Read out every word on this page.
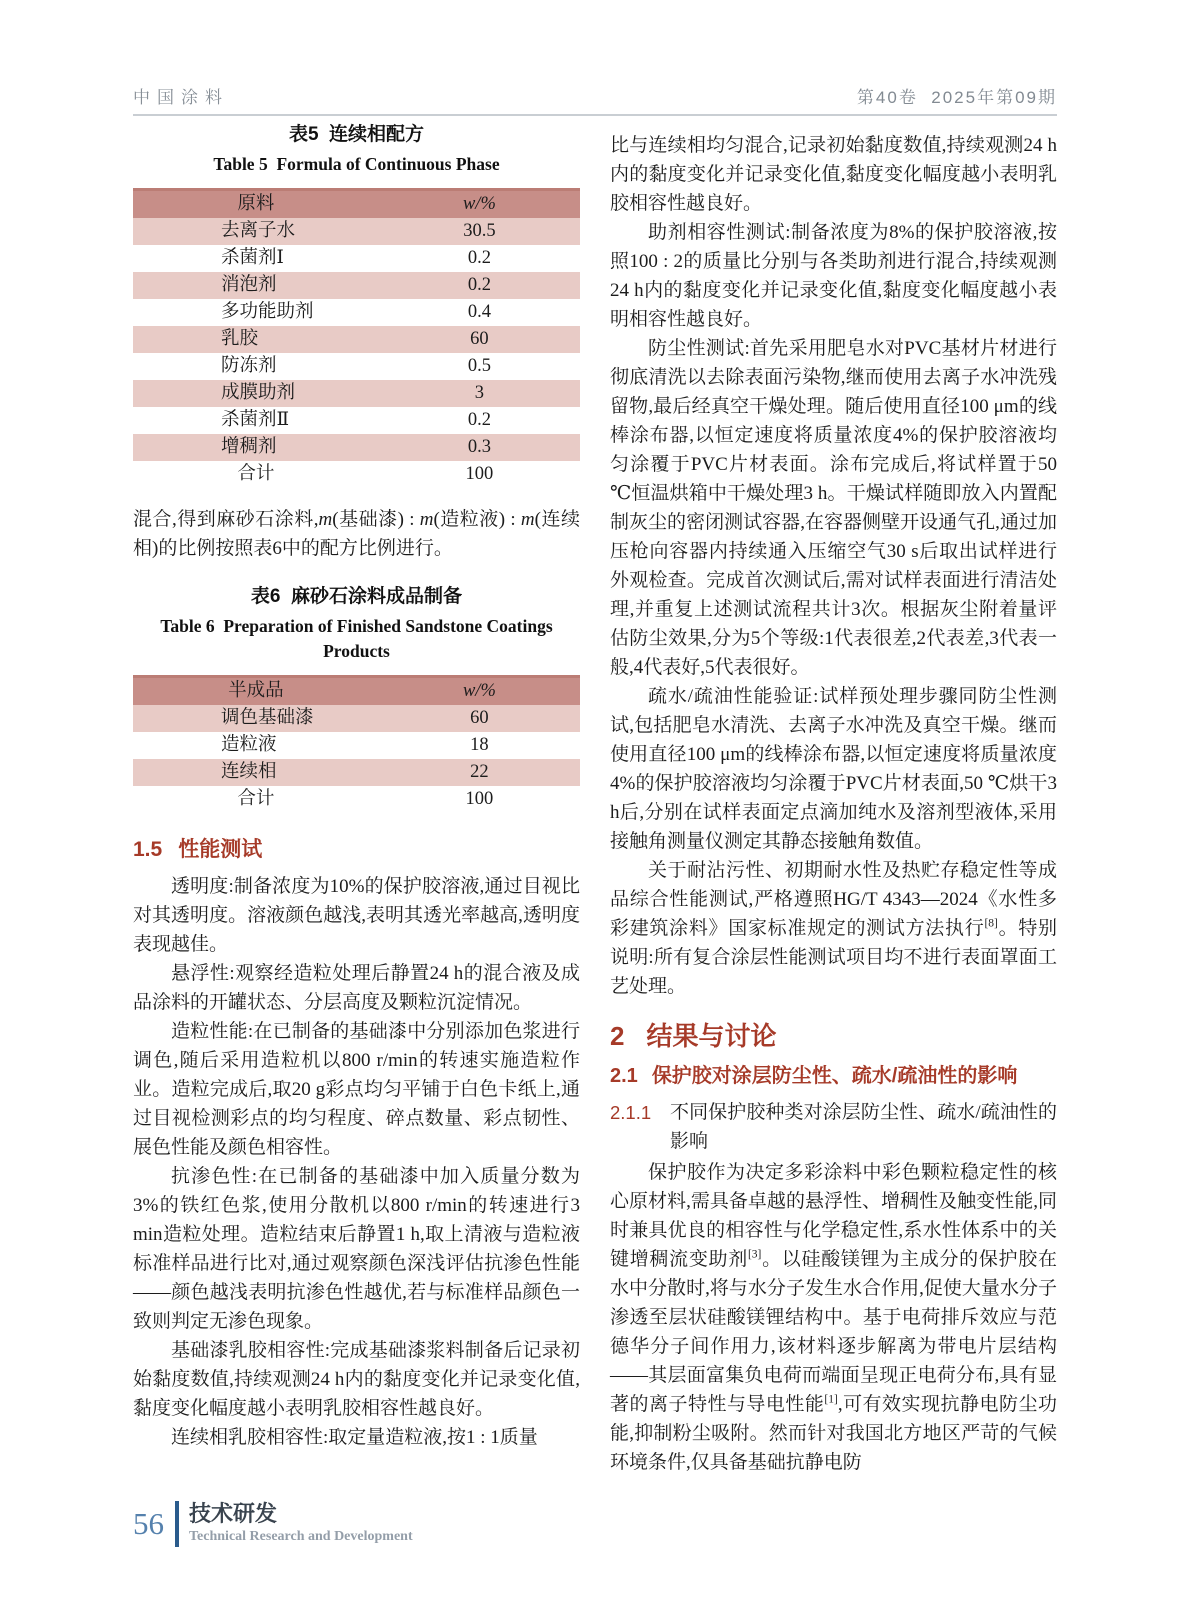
中国涂料	第40卷  2025年第09期
表5  连续相配方
Table 5  Formula of Continuous Phase
原料	w/%
去离子水	30.5
杀菌剂Ⅰ	0.2
消泡剂	0.2
多功能助剂	0.4
乳胶	60
防冻剂	0.5
成膜助剂	3
杀菌剂Ⅱ	0.2
增稠剂	0.3
合计	100

混合,得到麻砂石涂料,m(基础漆) : m(造粒液) : m(连续相)的比例按照表6中的配方比例进行。

表6  麻砂石涂料成品制备
Table 6  Preparation of Finished Sandstone Coatings Products
半成品	w/%
调色基础漆	60
造粒液	18
连续相	22
合计	100
1.5 性能测试

透明度:制备浓度为10%的保护胶溶液,通过目视比对其透明度。溶液颜色越浅,表明其透光率越高,透明度表现越佳。

悬浮性:观察经造粒处理后静置24 h的混合液及成品涂料的开罐状态、分层高度及颗粒沉淀情况。

造粒性能:在已制备的基础漆中分别添加色浆进行调色,随后采用造粒机以800 r/min的转速实施造粒作业。造粒完成后,取20 g彩点均匀平铺于白色卡纸上,通过目视检测彩点的均匀程度、碎点数量、彩点韧性、展色性能及颜色相容性。

抗渗色性:在已制备的基础漆中加入质量分数为3%的铁红色浆,使用分散机以800 r/min的转速进行3 min造粒处理。造粒结束后静置1 h,取上清液与造粒液标准样品进行比对,通过观察颜色深浅评估抗渗色性能——颜色越浅表明抗渗色性越优,若与标准样品颜色一致则判定无渗色现象。

基础漆乳胶相容性:完成基础漆浆料制备后记录初始黏度数值,持续观测24 h内的黏度变化并记录变化值,黏度变化幅度越小表明乳胶相容性越良好。

连续相乳胶相容性:取定量造粒液,按1 : 1质量

比与连续相均匀混合,记录初始黏度数值,持续观测24 h内的黏度变化并记录变化值,黏度变化幅度越小表明乳胶相容性越良好。

助剂相容性测试:制备浓度为8%的保护胶溶液,按照100 : 2的质量比分别与各类助剂进行混合,持续观测24 h内的黏度变化并记录变化值,黏度变化幅度越小表明相容性越良好。

防尘性测试:首先采用肥皂水对PVC基材片材进行彻底清洗以去除表面污染物,继而使用去离子水冲洗残留物,最后经真空干燥处理。随后使用直径100 μm的线棒涂布器,以恒定速度将质量浓度4%的保护胶溶液均匀涂覆于PVC片材表面。涂布完成后,将试样置于50 ℃恒温烘箱中干燥处理3 h。干燥试样随即放入内置配制灰尘的密闭测试容器,在容器侧壁开设通气孔,通过加压枪向容器内持续通入压缩空气30 s后取出试样进行外观检查。完成首次测试后,需对试样表面进行清洁处理,并重复上述测试流程共计3次。根据灰尘附着量评估防尘效果,分为5个等级:1代表很差,2代表差,3代表一般,4代表好,5代表很好。

疏水/疏油性能验证:试样预处理步骤同防尘性测试,包括肥皂水清洗、去离子水冲洗及真空干燥。继而使用直径100 μm的线棒涂布器,以恒定速度将质量浓度4%的保护胶溶液均匀涂覆于PVC片材表面,50 ℃烘干3 h后,分别在试样表面定点滴加纯水及溶剂型液体,采用接触角测量仪测定其静态接触角数值。

关于耐沾污性、初期耐水性及热贮存稳定性等成品综合性能测试,严格遵照HG/T 4343—2024《水性多彩建筑涂料》国家标准规定的测试方法执行[8]。特别说明:所有复合涂层性能测试项目均不进行表面罩面工艺处理。

2 结果与讨论
2.1 保护胶对涂层防尘性、疏水/疏油性的影响
2.1.1 不同保护胶种类对涂层防尘性、疏水/疏油性的影响

保护胶作为决定多彩涂料中彩色颗粒稳定性的核心原材料,需具备卓越的悬浮性、增稠性及触变性能,同时兼具优良的相容性与化学稳定性,系水性体系中的关键增稠流变助剂[3]。以硅酸镁锂为主成分的保护胶在水中分散时,将与水分子发生水合作用,促使大量水分子渗透至层状硅酸镁锂结构中。基于电荷排斥效应与范德华分子间作用力,该材料逐步解离为带电片层结构——其层面富集负电荷而端面呈现正电荷分布,具有显著的离子特性与导电性能[1],可有效实现抗静电防尘功能,抑制粉尘吸附。然而针对我国北方地区严苛的气候环境条件,仅具备基础抗静电防

56 技术研发
Technical Research and Development
